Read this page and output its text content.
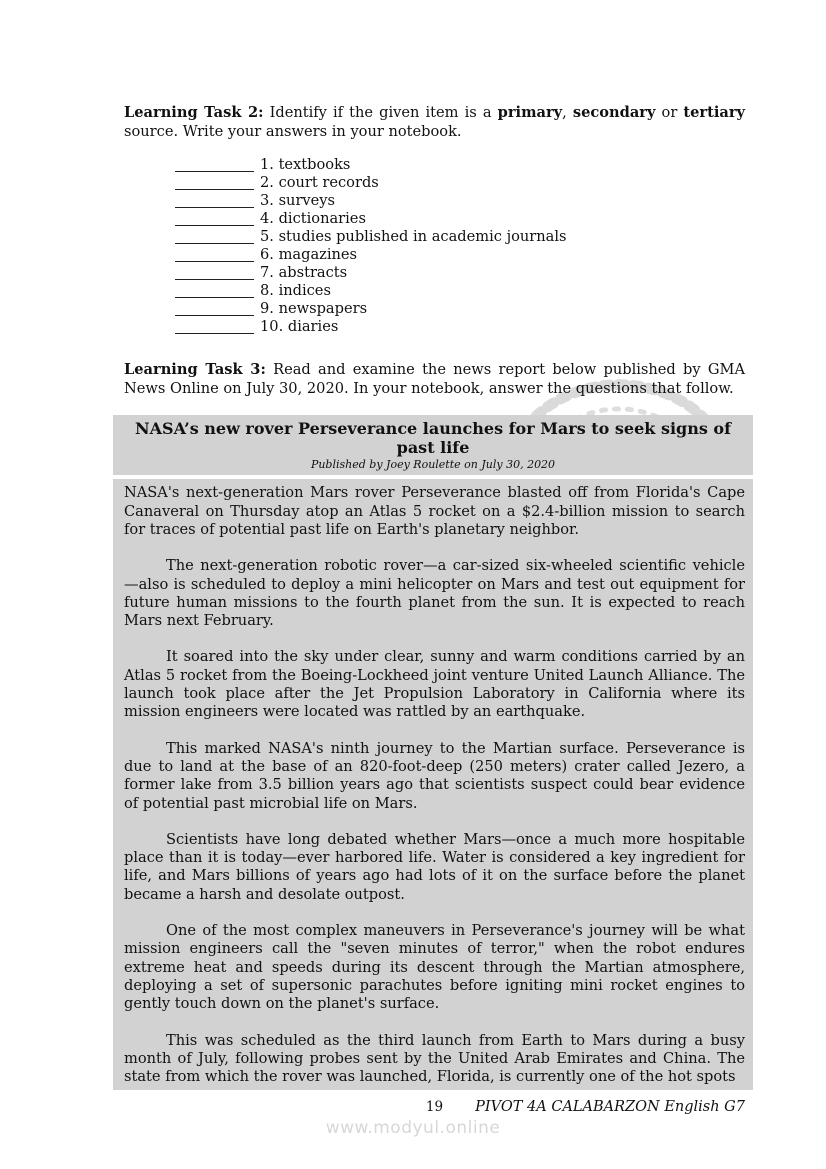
Learning Task 2: Identify if the given item is a primary, secondary or tertiary source. Write your answers in your notebook.

1. textbooks
2. court records
3. surveys
4. dictionaries
5. studies published in academic journals
6. magazines
7. abstracts
8. indices
9. newspapers
10. diaries

Learning Task 3: Read and examine the news report below published by GMA News Online on July 30, 2020. In your notebook, answer the questions that follow.

NASA’s new rover Perseverance launches for Mars to seek signs of past life

Published by Joey Roulette on July 30, 2020

NASA's next-generation Mars rover Perseverance blasted off from Florida's Cape Canaveral on Thursday atop an Atlas 5 rocket on a $2.4-billion mission to search for traces of potential past life on Earth's planetary neighbor.

The next-generation robotic rover—a car-sized six-wheeled scientific vehicle—also is scheduled to deploy a mini helicopter on Mars and test out equipment for future human missions to the fourth planet from the sun. It is expected to reach Mars next February.

It soared into the sky under clear, sunny and warm conditions carried by an Atlas 5 rocket from the Boeing-Lockheed joint venture United Launch Alliance. The launch took place after the Jet Propulsion Laboratory in California where its mission engineers were located was rattled by an earthquake.

This marked NASA's ninth journey to the Martian surface. Perseverance is due to land at the base of an 820-foot-deep (250 meters) crater called Jezero, a former lake from 3.5 billion years ago that scientists suspect could bear evidence of potential past microbial life on Mars.

Scientists have long debated whether Mars—once a much more hospitable place than it is today—ever harbored life. Water is considered a key ingredient for life, and Mars billions of years ago had lots of it on the surface before the planet became a harsh and desolate outpost.

One of the most complex maneuvers in Perseverance's journey will be what mission engineers call the "seven minutes of terror," when the robot endures extreme heat and speeds during its descent through the Martian atmosphere, deploying a set of supersonic parachutes before igniting mini rocket engines to gently touch down on the planet's surface.

This was scheduled as the third launch from Earth to Mars during a busy month of July, following probes sent by the United Arab Emirates and China. The state from which the rover was launched, Florida, is currently one of the hot spots

19	PIVOT 4A CALABARZON English G7
www.modyul.online
